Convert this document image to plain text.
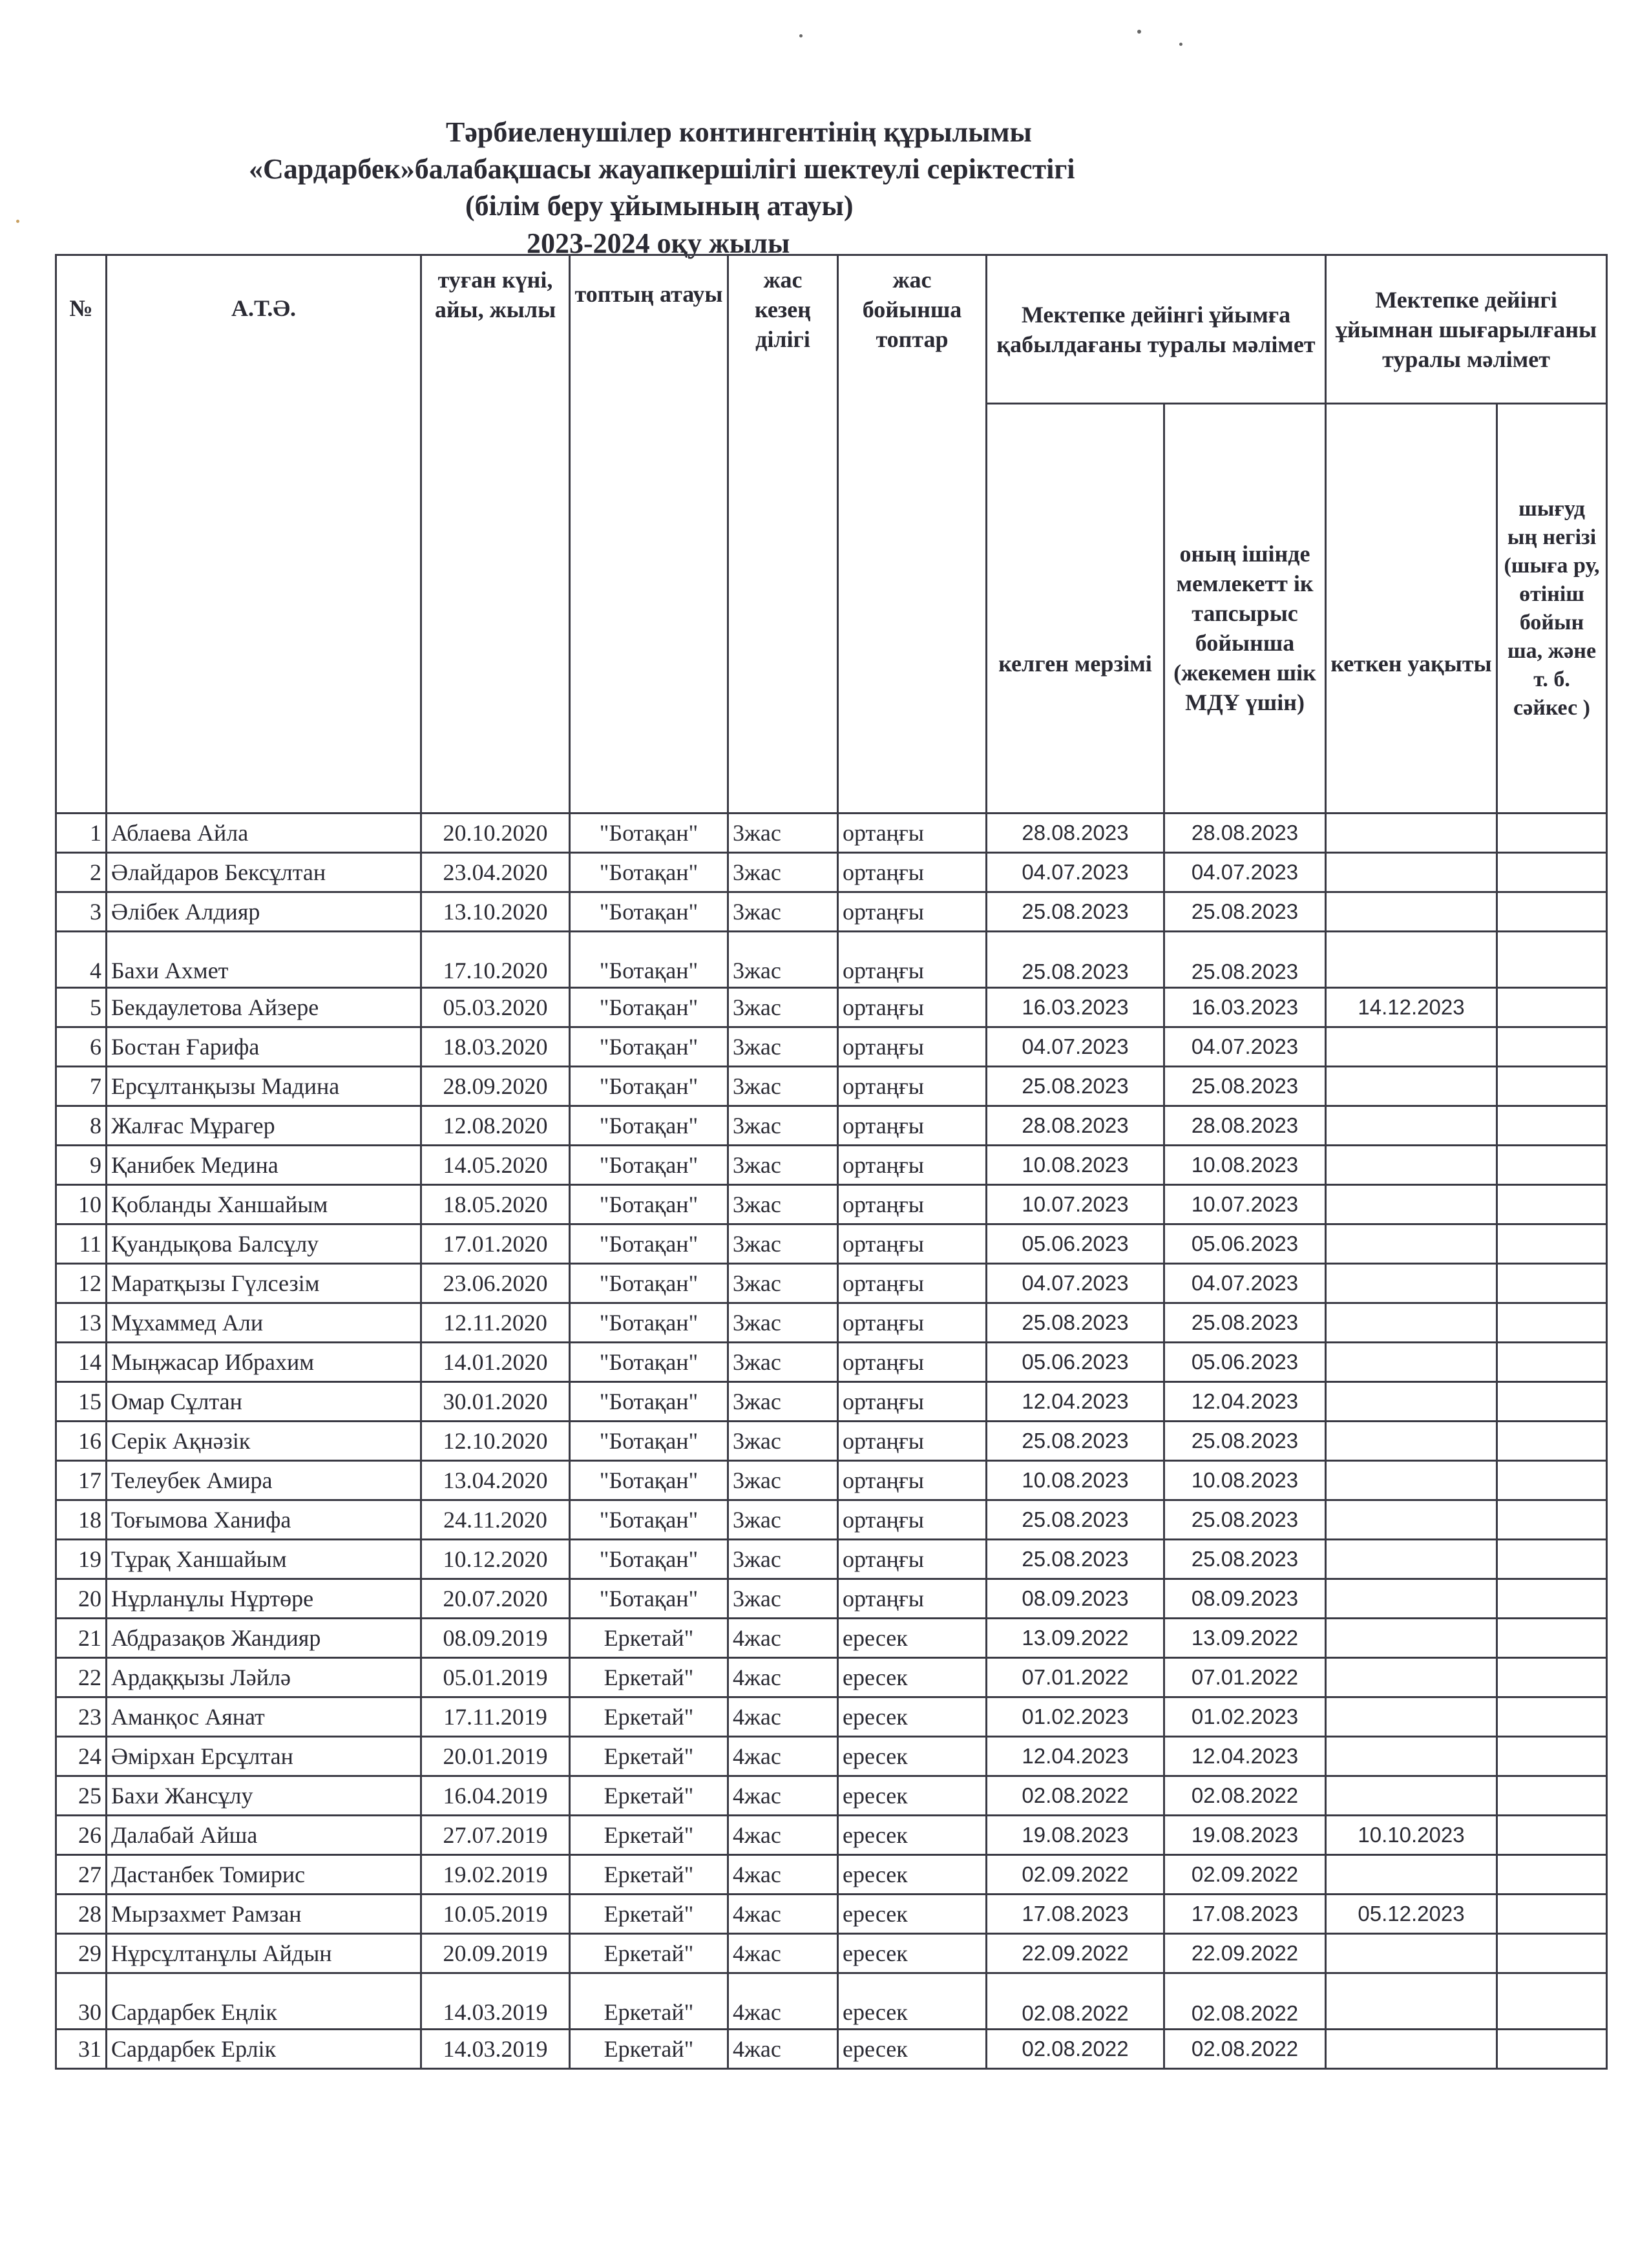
Тәрбиеленушілер контингентінің құрылымы
«Сардарбек»балабақшасы жауапкершілігі шектеулі серіктестігі
(білім беру ұйымының атауы)
2023-2024 оқу жылы
№	А.Т.Ә.	туған күні, айы, жылы	топтың атауы	жас кезең ділігі	жас бойынша топтар	Мектепке дейінгі ұйымға қабылдағаны туралы мәлімет		Мектепке дейінгі ұйымнан шығарылғаны туралы мәлімет	
						келген мерзімі	оның ішінде мемлекетт ік тапсырыс бойынша (жекемен шік МДҰ үшін)	кеткен уақыты	шығуд ың негізі (шыға ру, өтініш бойын ша, және т. б. сәйкес )
1	Аблаева Айла	20.10.2020	"Ботақан"	3жас	ортаңғы	28.08.2023	28.08.2023		
2	Әлайдаров Бексұлтан	23.04.2020	"Ботақан"	3жас	ортаңғы	04.07.2023	04.07.2023		
3	Әлібек Алдияр	13.10.2020	"Ботақан"	3жас	ортаңғы	25.08.2023	25.08.2023		
4	Бахи Ахмет	17.10.2020	"Ботақан"	3жас	ортаңғы	25.08.2023	25.08.2023		
5	Бекдаулетова Айзере	05.03.2020	"Ботақан"	3жас	ортаңғы	16.03.2023	16.03.2023	14.12.2023	
6	Бостан Ғарифа	18.03.2020	"Ботақан"	3жас	ортаңғы	04.07.2023	04.07.2023		
7	Ерсұлтанқызы Мадина	28.09.2020	"Ботақан"	3жас	ортаңғы	25.08.2023	25.08.2023		
8	Жалғас Мұрагер	12.08.2020	"Ботақан"	3жас	ортаңғы	28.08.2023	28.08.2023		
9	Қанибек Медина	14.05.2020	"Ботақан"	3жас	ортаңғы	10.08.2023	10.08.2023		
10	Қобланды Ханшайым	18.05.2020	"Ботақан"	3жас	ортаңғы	10.07.2023	10.07.2023		
11	Қуандықова Балсұлу	17.01.2020	"Ботақан"	3жас	ортаңғы	05.06.2023	05.06.2023		
12	Маратқызы Гүлсезім	23.06.2020	"Ботақан"	3жас	ортаңғы	04.07.2023	04.07.2023		
13	Мұхаммед Али	12.11.2020	"Ботақан"	3жас	ортаңғы	25.08.2023	25.08.2023		
14	Мыңжасар Ибрахим	14.01.2020	"Ботақан"	3жас	ортаңғы	05.06.2023	05.06.2023		
15	Омар Сұлтан	30.01.2020	"Ботақан"	3жас	ортаңғы	12.04.2023	12.04.2023		
16	Серік Ақнәзік	12.10.2020	"Ботақан"	3жас	ортаңғы	25.08.2023	25.08.2023		
17	Телеубек Амира	13.04.2020	"Ботақан"	3жас	ортаңғы	10.08.2023	10.08.2023		
18	Тоғымова Ханифа	24.11.2020	"Ботақан"	3жас	ортаңғы	25.08.2023	25.08.2023		
19	Тұрақ Ханшайым	10.12.2020	"Ботақан"	3жас	ортаңғы	25.08.2023	25.08.2023		
20	Нұрланұлы Нұртөре	20.07.2020	"Ботақан"	3жас	ортаңғы	08.09.2023	08.09.2023		
21	Абдразақов Жандияр	08.09.2019	Еркетай"	4жас	ересек	13.09.2022	13.09.2022		
22	Ардаққызы Ләйлә	05.01.2019	Еркетай"	4жас	ересек	07.01.2022	07.01.2022		
23	Аманқос Аянат	17.11.2019	Еркетай"	4жас	ересек	01.02.2023	01.02.2023		
24	Әмірхан Ерсұлтан	20.01.2019	Еркетай"	4жас	ересек	12.04.2023	12.04.2023		
25	Бахи Жансұлу	16.04.2019	Еркетай"	4жас	ересек	02.08.2022	02.08.2022		
26	Далабай Айша	27.07.2019	Еркетай"	4жас	ересек	19.08.2023	19.08.2023	10.10.2023	
27	Дастанбек Томирис	19.02.2019	Еркетай"	4жас	ересек	02.09.2022	02.09.2022		
28	Мырзахмет Рамзан	10.05.2019	Еркетай"	4жас	ересек	17.08.2023	17.08.2023	05.12.2023	
29	Нұрсұлтанұлы Айдын	20.09.2019	Еркетай"	4жас	ересек	22.09.2022	22.09.2022		
30	Сардарбек Еңлік	14.03.2019	Еркетай"	4жас	ересек	02.08.2022	02.08.2022		
31	Сардарбек Ерлік	14.03.2019	Еркетай"	4жас	ересек	02.08.2022	02.08.2022		
